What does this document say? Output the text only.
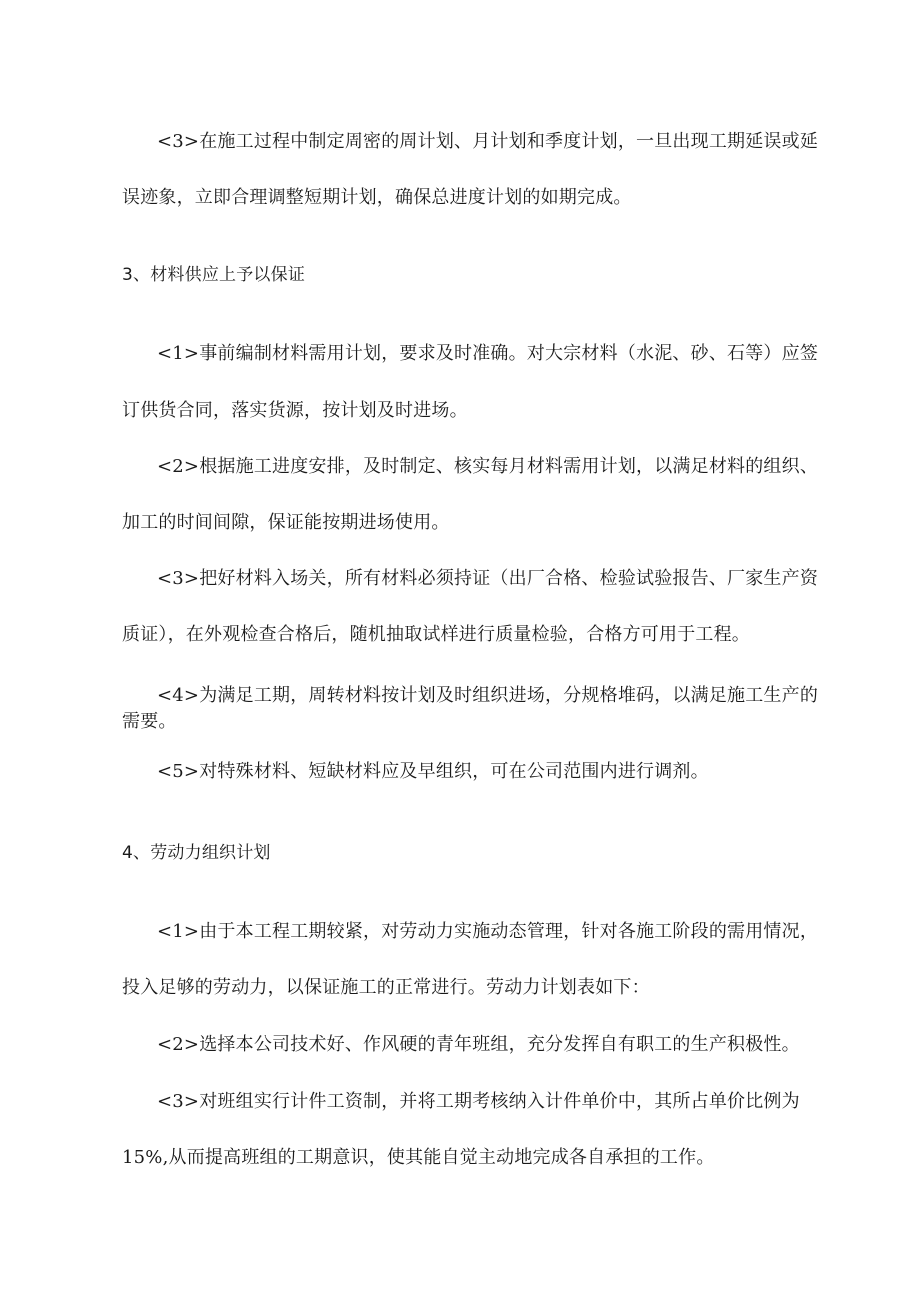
<3>在施工过程中制定周密的周计划、月计划和季度计划，一旦出现工期延误或延
误迹象，立即合理调整短期计划，确保总进度计划的如期完成。
3、材料供应上予以保证
<1>事前编制材料需用计划，要求及时准确。对大宗材料（水泥、砂、石等）应签
订供货合同，落实货源，按计划及时进场。
<2>根据施工进度安排，及时制定、核实每月材料需用计划，以满足材料的组织、
加工的时间间隙，保证能按期进场使用。
<3>把好材料入场关，所有材料必须持证（出厂合格、检验试验报告、厂家生产资
质证），在外观检查合格后，随机抽取试样进行质量检验，合格方可用于工程。
<4>为满足工期，周转材料按计划及时组织进场，分规格堆码，以满足施工生产的
需要。
<5>对特殊材料、短缺材料应及早组织，可在公司范围内进行调剂。
4、劳动力组织计划
<1>由于本工程工期较紧，对劳动力实施动态管理，针对各施工阶段的需用情况，
投入足够的劳动力，以保证施工的正常进行。劳动力计划表如下：
<2>选择本公司技术好、作风硬的青年班组，充分发挥自有职工的生产积极性。
<3>对班组实行计件工资制，并将工期考核纳入计件单价中，其所占单价比例为
15%,从而提高班组的工期意识，使其能自觉主动地完成各自承担的工作。
